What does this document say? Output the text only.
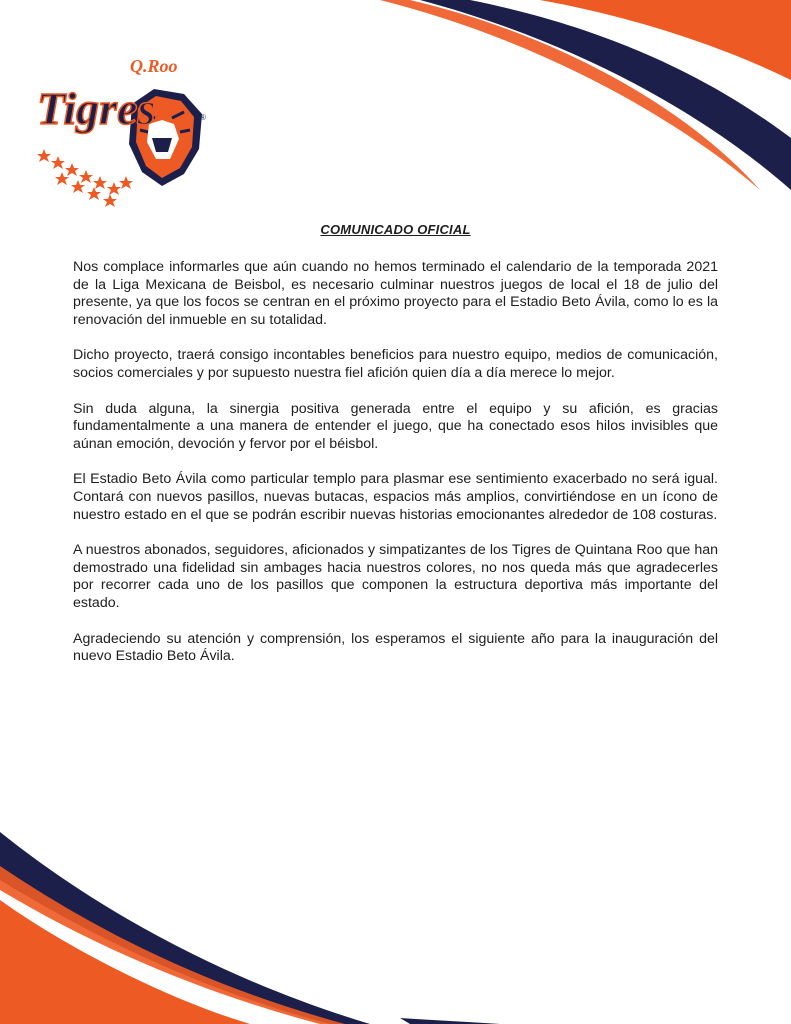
Tigres
Q.Roo
®
COMUNICADO OFICIAL

Nos complace informarles que aún cuando no hemos terminado el calendario de la temporada 2021 de la Liga Mexicana de Beisbol, es necesario culminar nuestros juegos de local el 18 de julio del presente, ya que los focos se centran en el próximo proyecto para el Estadio Beto Ávila, como lo es la renovación del inmueble en su totalidad.

Dicho proyecto, traerá consigo incontables beneficios para nuestro equipo, medios de comunicación, socios comerciales y por supuesto nuestra fiel afición quien día a día merece lo mejor.

Sin duda alguna, la sinergia positiva generada entre el equipo y su afición, es gracias fundamentalmente a una manera de entender el juego, que ha conectado esos hilos invisibles que aúnan emoción, devoción y fervor por el béisbol.

El Estadio Beto Ávila como particular templo para plasmar ese sentimiento exacerbado no será igual. Contará con nuevos pasillos, nuevas butacas, espacios más amplios, convirtiéndose en un ícono de nuestro estado en el que se podrán escribir nuevas historias emocionantes alrededor de 108 costuras.

A nuestros abonados, seguidores, aficionados y simpatizantes de los Tigres de Quintana Roo que han demostrado una fidelidad sin ambages hacia nuestros colores, no nos queda más que agradecerles por recorrer cada uno de los pasillos que componen la estructura deportiva más importante del estado.

Agradeciendo su atención y comprensión, los esperamos el siguiente año para la inauguración del nuevo Estadio Beto Ávila.
